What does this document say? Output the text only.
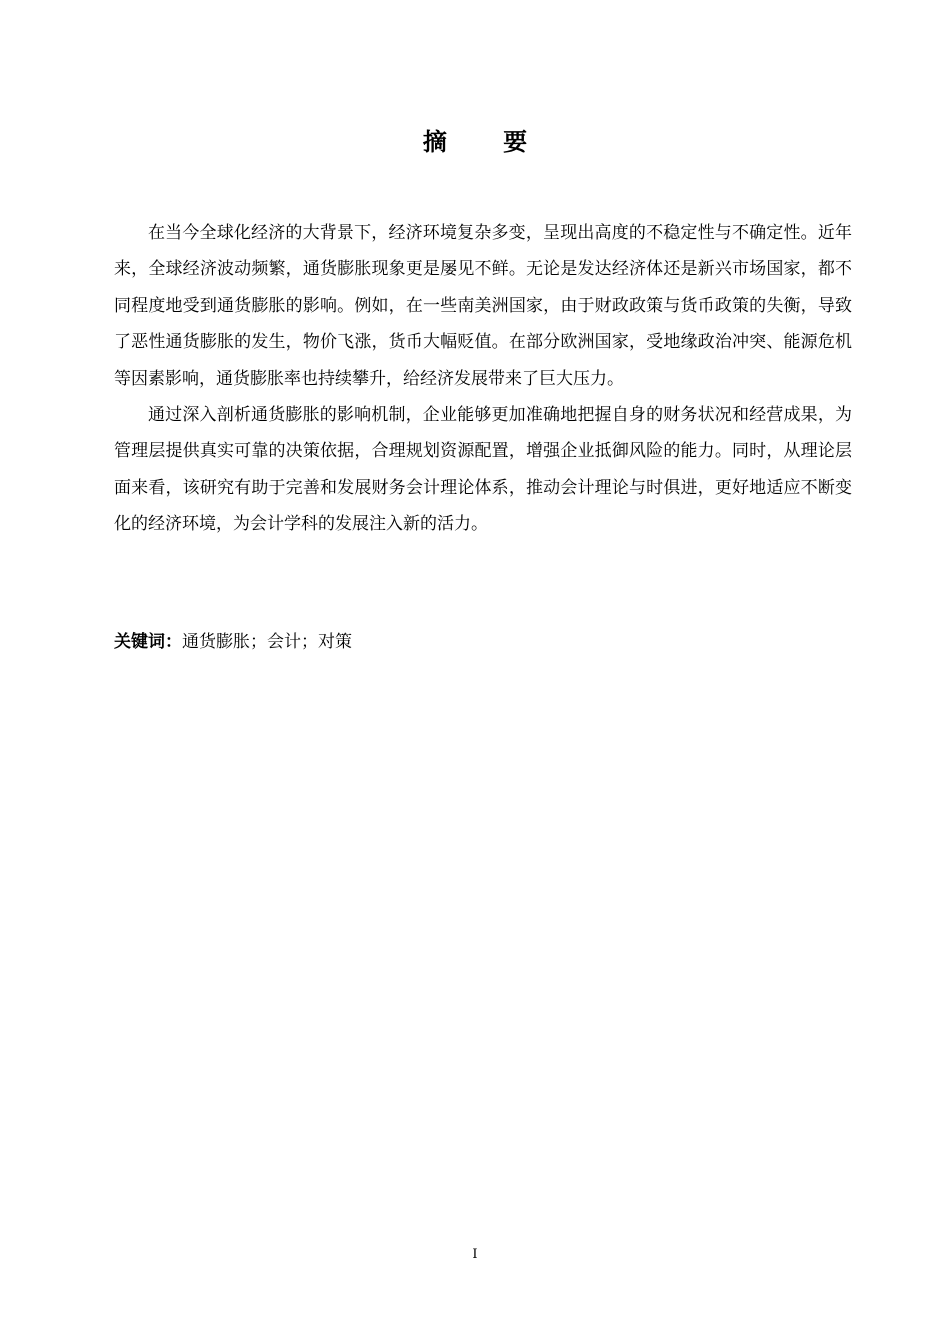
摘 要

在当今全球化经济的大背景下，经济环境复杂多变，呈现出高度的不稳定性与不确定性。近年来，全球经济波动频繁，通货膨胀现象更是屡见不鲜。无论是发达经济体还是新兴市场国家，都不同程度地受到通货膨胀的影响。例如，在一些南美洲国家，由于财政政策与货币政策的失衡，导致了恶性通货膨胀的发生，物价飞涨，货币大幅贬值。在部分欧洲国家，受地缘政治冲突、能源危机等因素影响，通货膨胀率也持续攀升，给经济发展带来了巨大压力。

通过深入剖析通货膨胀的影响机制，企业能够更加准确地把握自身的财务状况和经营成果，为管理层提供真实可靠的决策依据，合理规划资源配置，增强企业抵御风险的能力。同时，从理论层面来看，该研究有助于完善和发展财务会计理论体系，推动会计理论与时俱进，更好地适应不断变化的经济环境，为会计学科的发展注入新的活力。

关键词：通货膨胀；会计；对策
I
